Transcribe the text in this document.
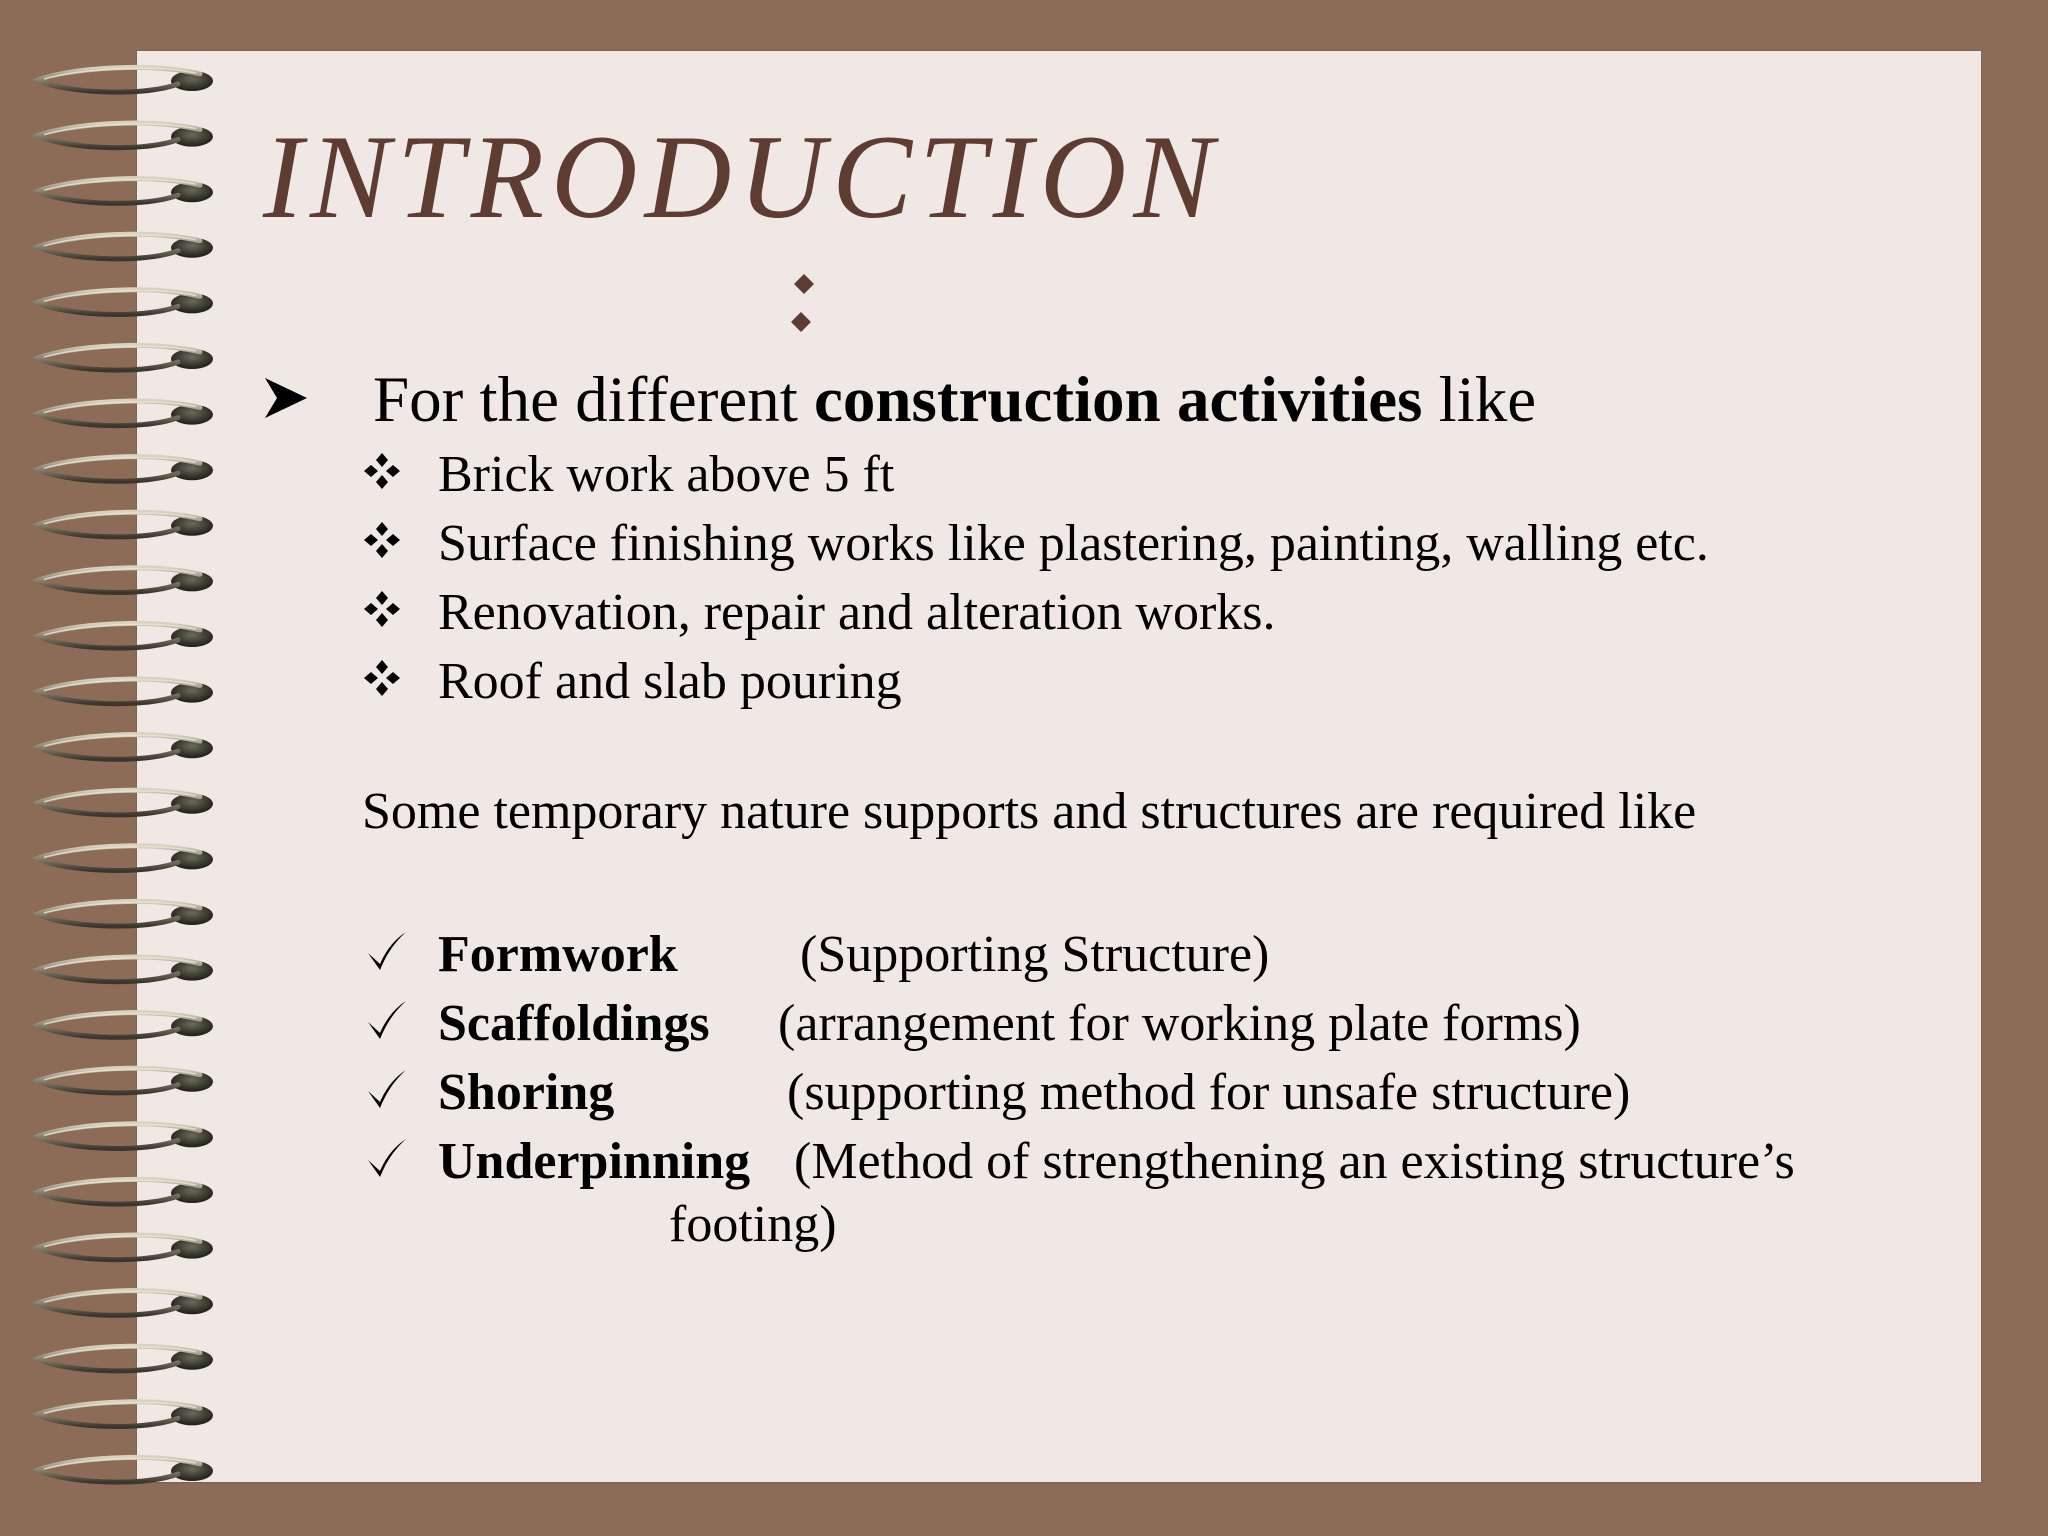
INTRODUCTION
For the different construction activities like
Brick work above 5 ft
Surface finishing works like plastering, painting, walling etc.
Renovation, repair and alteration works.
Roof and slab pouring
Some temporary nature supports and structures are required like
Formwork (Supporting Structure)
Scaffoldings (arrangement for working plate forms)
Shoring	(supporting method for unsafe structure)
Underpinning (Method of strengthening an existing structure’s
footing)
